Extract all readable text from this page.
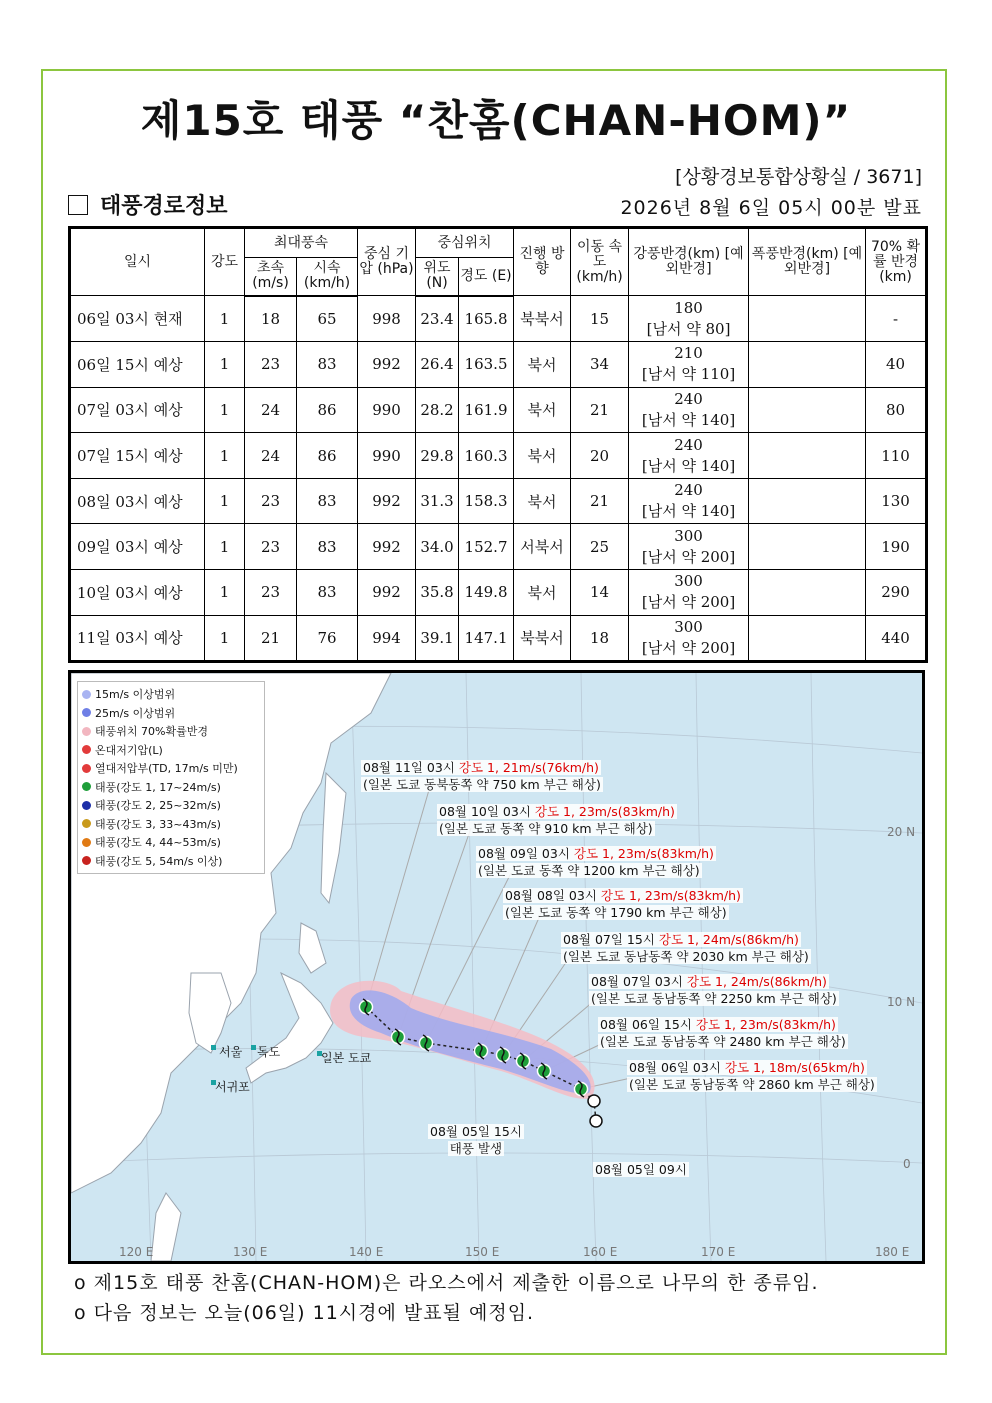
제15호 태풍 “찬홈(CHAN-HOM)”
[상황경보통합상황실 / 3671]
태풍경로정보	2026년 8월 6일 05시 00분 발표
일시	강도	최대풍속		중심 기압 (hPa)	중심위치		진행 방향	이동 속도 (km/h)	강풍반경(km) [예외반경]	폭풍반경(km) [예외반경]	70% 확률 반경 (km)
		초속 (m/s)	시속 (km/h)		위도 (N)	경도 (E)					
06일 03시 현재	1	18	65	998	23.4	165.8	북북서	15	180
[남서 약 80]		-
06일 15시 예상	1	23	83	992	26.4	163.5	북서	34	210
[남서 약 110]		40
07일 03시 예상	1	24	86	990	28.2	161.9	북서	21	240
[남서 약 140]		80
07일 15시 예상	1	24	86	990	29.8	160.3	북서	20	240
[남서 약 140]		110
08일 03시 예상	1	23	83	992	31.3	158.3	북서	21	240
[남서 약 140]		130
09일 03시 예상	1	23	83	992	34.0	152.7	서북서	25	300
[남서 약 200]		190
10일 03시 예상	1	23	83	992	35.8	149.8	북서	14	300
[남서 약 200]		290
11일 03시 예상	1	21	76	994	39.1	147.1	북북서	18	300
[남서 약 200]		440
15m/s 이상범위
25m/s 이상범위
태풍위치 70%확률반경
온대저기압(L)
열대저압부(TD, 17m/s 미만)
태풍(강도 1, 17~24m/s)
태풍(강도 2, 25~32m/s)
태풍(강도 3, 33~43m/s)
태풍(강도 4, 44~53m/s)
태풍(강도 5, 54m/s 이상)
08월 11일 03시 강도 1, 21m/s(76km/h)
(일본 도쿄 동북동쪽 약 750 km 부근 해상)
08월 10일 03시 강도 1, 23m/s(83km/h)
(일본 도쿄 동쪽 약 910 km 부근 해상)
08월 09일 03시 강도 1, 23m/s(83km/h)
(일본 도쿄 동쪽 약 1200 km 부근 해상)
08월 08일 03시 강도 1, 23m/s(83km/h)
(일본 도쿄 동쪽 약 1790 km 부근 해상)
08월 07일 15시 강도 1, 24m/s(86km/h)
(일본 도쿄 동남동쪽 약 2030 km 부근 해상)
08월 07일 03시 강도 1, 24m/s(86km/h)
(일본 도쿄 동남동쪽 약 2250 km 부근 해상)
08월 06일 15시 강도 1, 23m/s(83km/h)
(일본 도쿄 동남동쪽 약 2480 km 부근 해상)
08월 06일 03시 강도 1, 18m/s(65km/h)
(일본 도쿄 동남동쪽 약 2860 km 부근 해상)
08월 05일 15시
태풍 발생
08월 05일 09시
서울 독도	일본 도쿄
서귀포
20 N
10 N
0
120 E	130 E	140 E	150 E	160 E	170 E	180 E
o 제15호 태풍 찬홈(CHAN-HOM)은 라오스에서 제출한 이름으로 나무의 한 종류임.
o 다음 정보는 오늘(06일) 11시경에 발표될 예정임.
